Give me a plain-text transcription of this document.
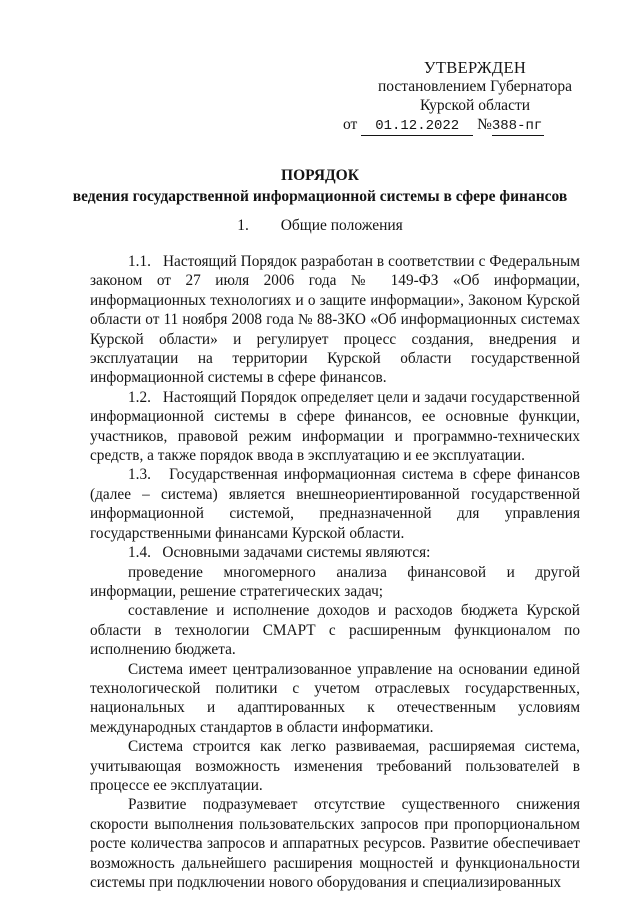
УТВЕРЖДЕН
постановлением Губернатора
Курской области
от 01.12.2022 №388-пг
ПОРЯДОК
ведения государственной информационной системы в сфере финансов
1. Общие положения

1.1.   Настоящий Порядок разработан в соответствии с Федеральным законом от 27 июля 2006 года № 149-ФЗ «Об информации, информационных технологиях и о защите информации», Законом Курской области от 11 ноября 2008 года № 88-ЗКО «Об информационных системах Курской области» и регулирует процесс создания, внедрения и эксплуатации на территории Курской области государственной информационной системы в сфере финансов.

1.2.   Настоящий Порядок определяет цели и задачи государственной информационной системы в сфере финансов, ее основные функции, участников, правовой режим информации и программно-технических средств, а также порядок ввода в эксплуатацию и ее эксплуатации.

1.3.   Государственная информационная система в сфере финансов (далее – система) является внешнеориентированной государственной информационной системой, предназначенной для управления государственными финансами Курской области.

1.4.   Основными задачами системы являются:

проведение многомерного анализа финансовой и другой информации, решение стратегических задач;

составление и исполнение доходов и расходов бюджета Курской области в технологии СМАРТ с расширенным функционалом по исполнению бюджета.

Система имеет централизованное управление на основании единой технологической политики с учетом отраслевых государственных, национальных и адаптированных к отечественным условиям международных стандартов в области информатики.

Система строится как легко развиваемая, расширяемая система, учитывающая возможность изменения требований пользователей в процессе ее эксплуатации.

Развитие подразумевает отсутствие существенного снижения скорости выполнения пользовательских запросов при пропорциональном росте количества запросов и аппаратных ресурсов. Развитие обеспечивает возможность дальнейшего расширения мощностей и функциональности системы при подключении нового оборудования и специализированных
